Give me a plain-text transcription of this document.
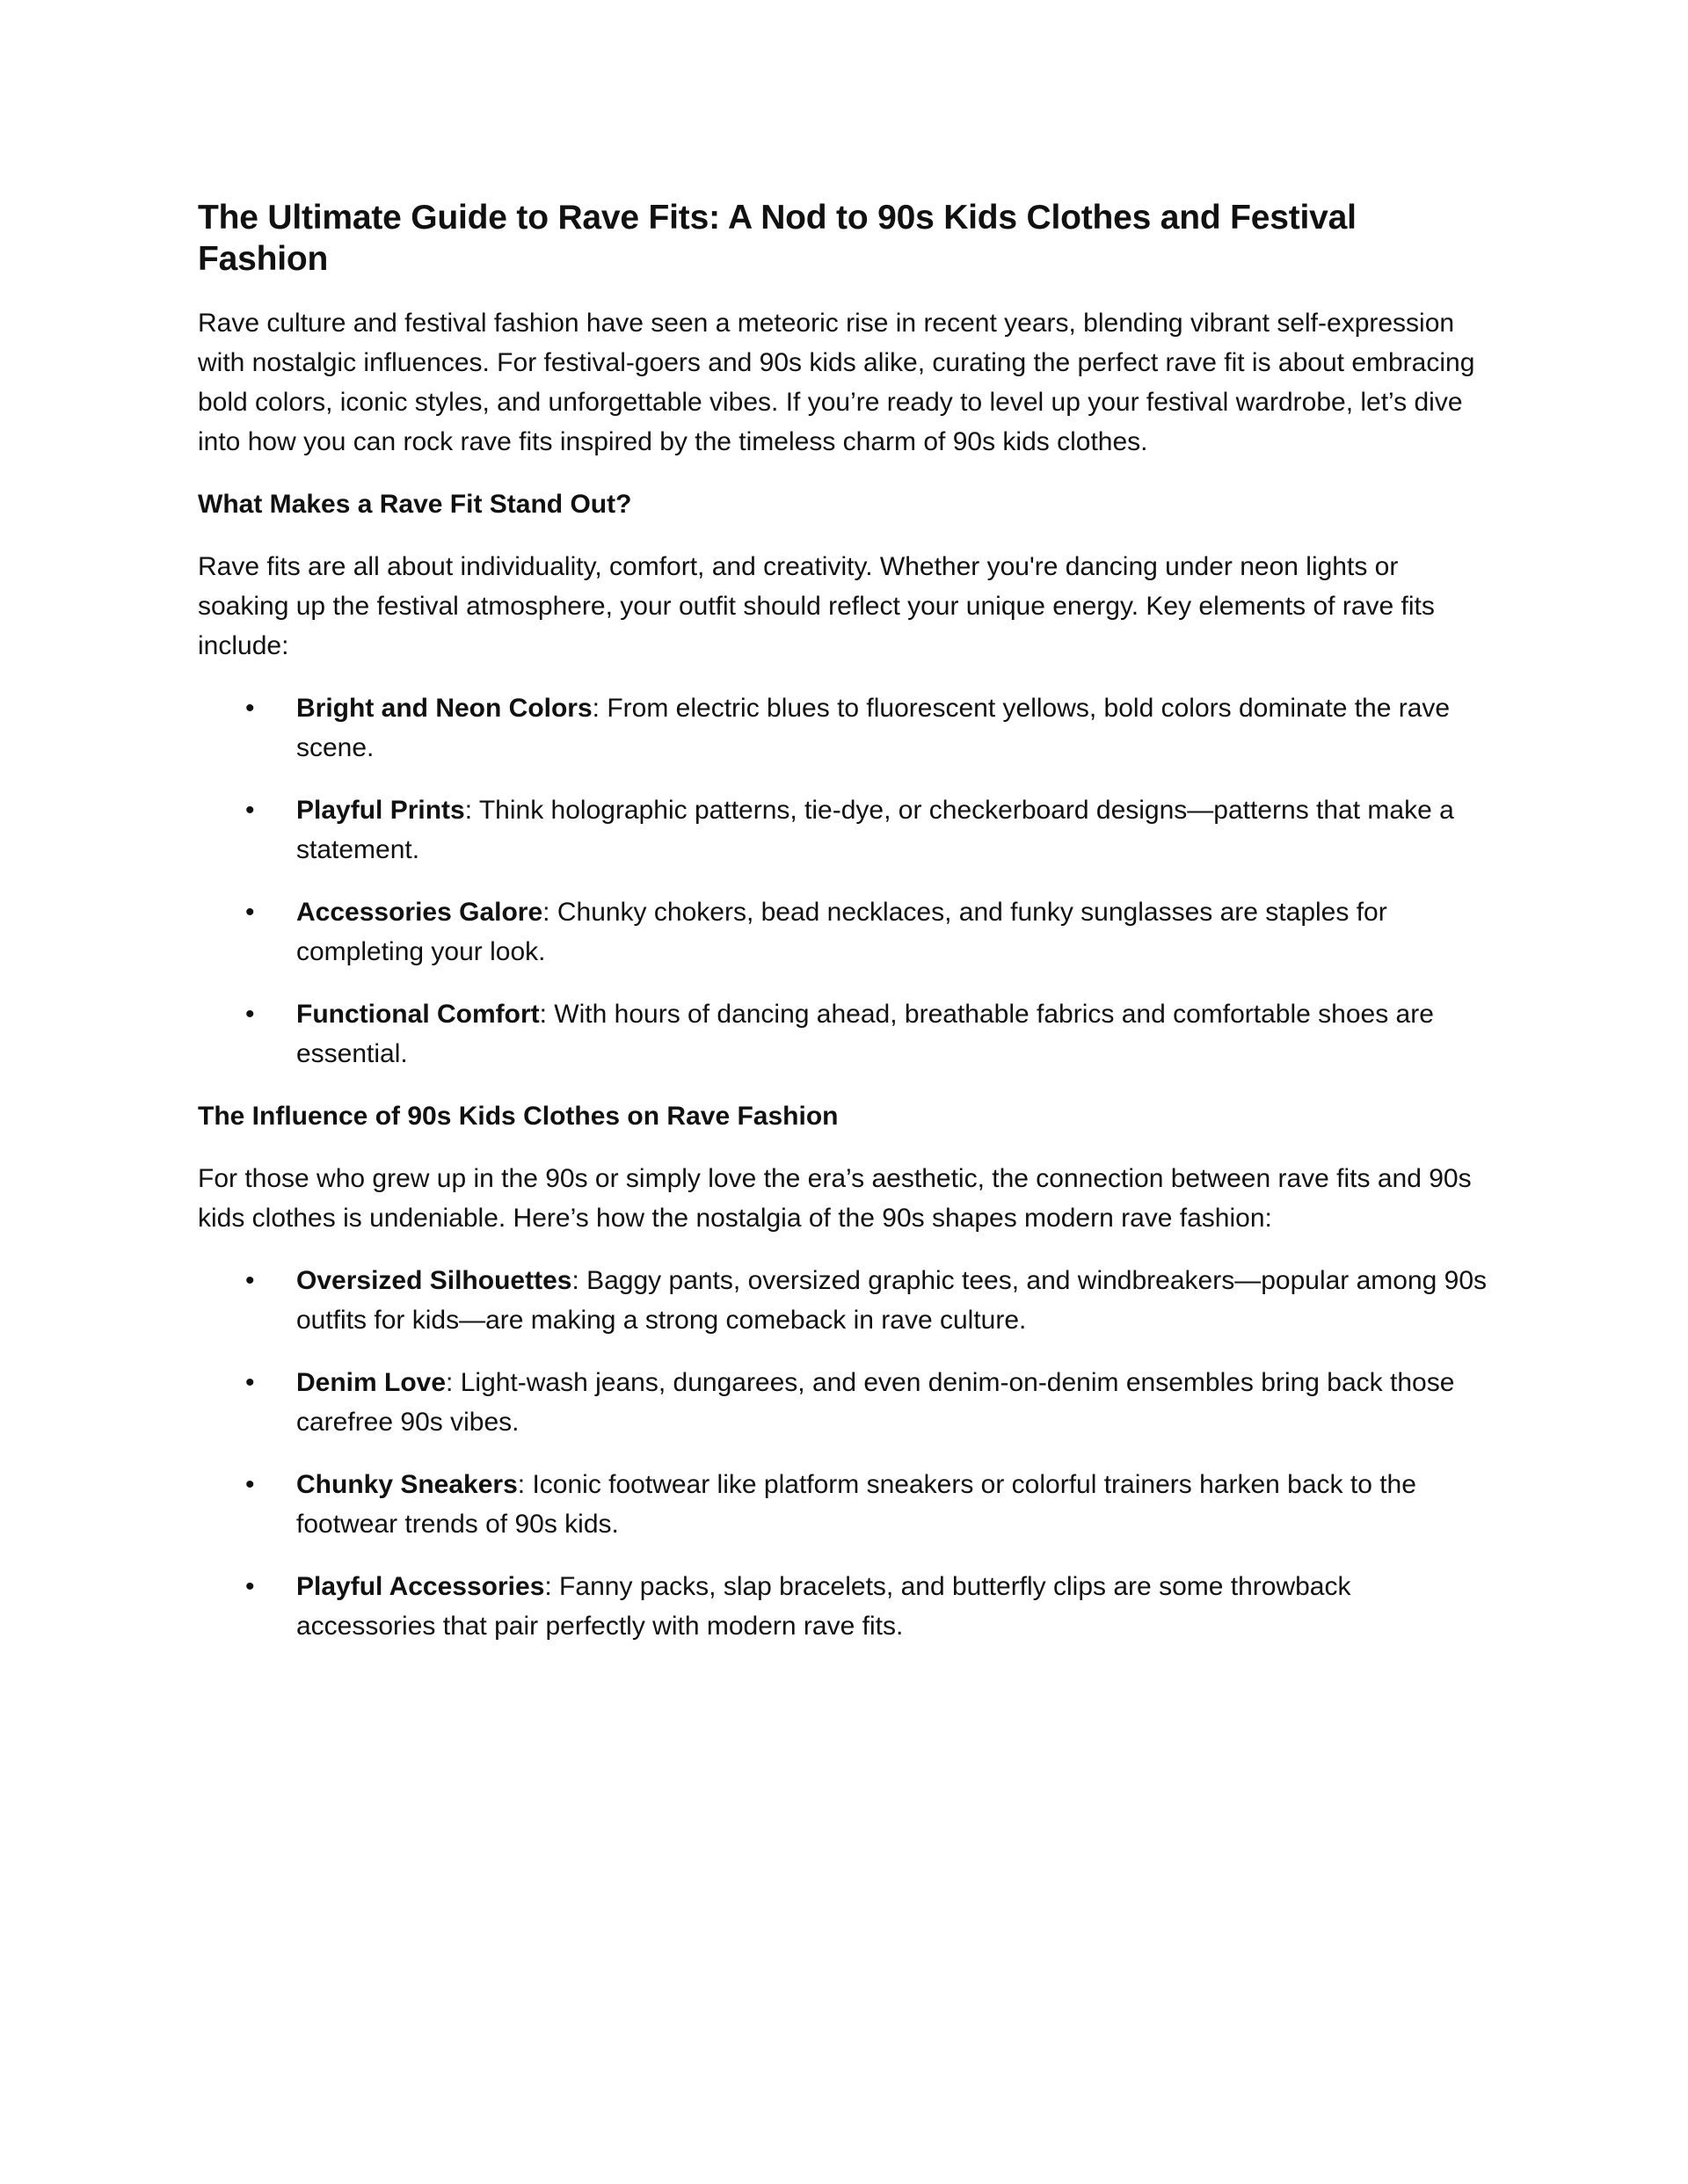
The Ultimate Guide to Rave Fits: A Nod to 90s Kids Clothes and Festival Fashion

Rave culture and festival fashion have seen a meteoric rise in recent years, blending vibrant self-expression with nostalgic influences. For festival-goers and 90s kids alike, curating the perfect rave fit is about embracing bold colors, iconic styles, and unforgettable vibes. If you’re ready to level up your festival wardrobe, let’s dive into how you can rock rave fits inspired by the timeless charm of 90s kids clothes.

What Makes a Rave Fit Stand Out?

Rave fits are all about individuality, comfort, and creativity. Whether you're dancing under neon lights or soaking up the festival atmosphere, your outfit should reflect your unique energy. Key elements of rave fits include:

• Bright and Neon Colors: From electric blues to fluorescent yellows, bold colors dominate the rave scene.
• Playful Prints: Think holographic patterns, tie-dye, or checkerboard designs—patterns that make a statement.
• Accessories Galore: Chunky chokers, bead necklaces, and funky sunglasses are staples for completing your look.
• Functional Comfort: With hours of dancing ahead, breathable fabrics and comfortable shoes are essential.
The Influence of 90s Kids Clothes on Rave Fashion

For those who grew up in the 90s or simply love the era’s aesthetic, the connection between rave fits and 90s kids clothes is undeniable. Here’s how the nostalgia of the 90s shapes modern rave fashion:

• Oversized Silhouettes: Baggy pants, oversized graphic tees, and windbreakers—popular among 90s outfits for kids—are making a strong comeback in rave culture.
• Denim Love: Light-wash jeans, dungarees, and even denim-on-denim ensembles bring back those carefree 90s vibes.
• Chunky Sneakers: Iconic footwear like platform sneakers or colorful trainers harken back to the footwear trends of 90s kids.
• Playful Accessories: Fanny packs, slap bracelets, and butterfly clips are some throwback accessories that pair perfectly with modern rave fits.
